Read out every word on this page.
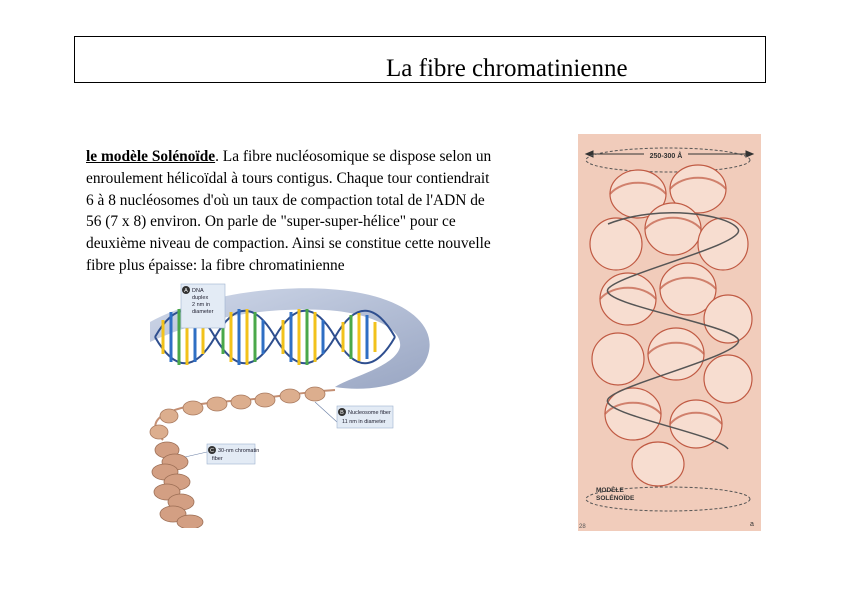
La fibre chromatinienne

le modèle Solénoïde. La fibre nucléosomique se dispose selon un
enroulement hélicoïdal à tours contigus. Chaque tour contiendrait
6 à 8 nucléosomes d'où un taux de compaction total de l'ADN de
56 (7 x 8) environ. On parle de "super-super-hélice" pour ce
deuxième niveau de compaction. Ainsi se constitue cette nouvelle
fibre plus épaisse: la fibre chromatinienne

A DNA
duplex
2 nm in
diameter
B Nucleosome fiber
11 nm in diameter
C 30-nm chromatin
fiber
250-300 Å
MODÈLE
SOLÉNOÏDE
28	a
